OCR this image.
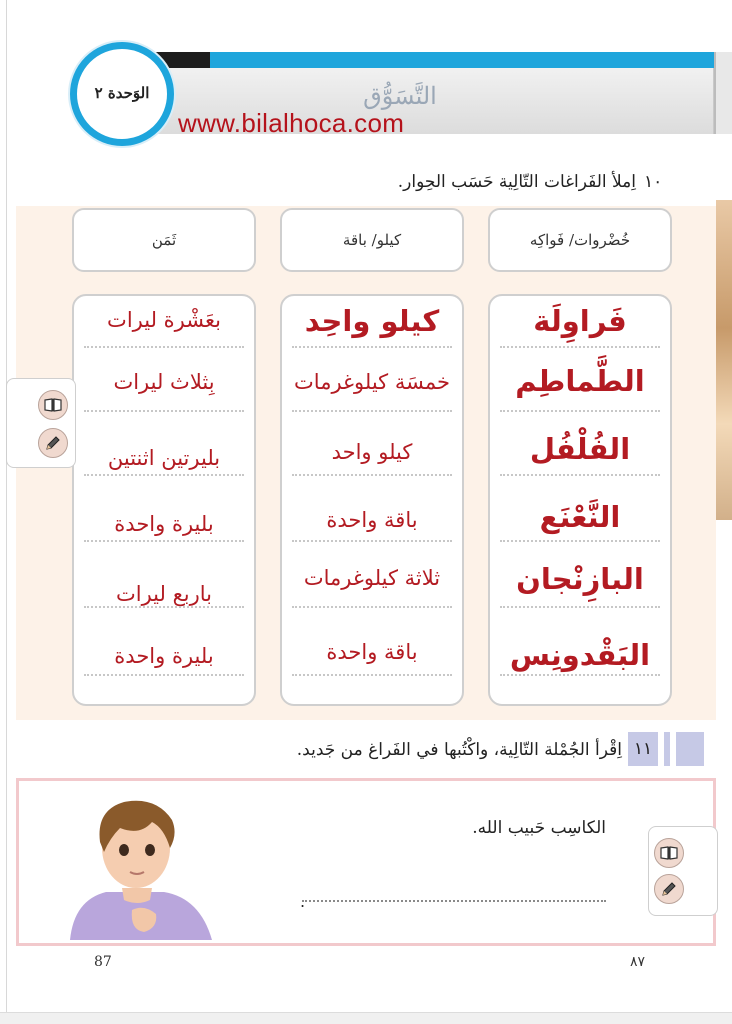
الوَحدة ٢	التَّسَوُّق
www.bilalhoca.com
١٠
اِملأ الفَراغات التّالِية حَسَب الحِوار.
خُضْروات/ فَواكِه
كيلو/ باقة
ثَمَن
فَراوِلَة
الطَّماطِم
الفُلْفُل
النَّعْنَع
البازِنْجان
البَقْدونِس
كيلو واحِد
خمسَة كيلوغرمات
كيلو واحد
باقة واحدة
ثلاثة كيلوغرمات
باقة واحدة
بعَشْرة ليرات
بِثلاث ليرات
بليرتين اثنتين
بليرة واحدة
باربع ليرات
بليرة واحدة
١١
اِقْرأ الجُمْلة التّالِية، واكْتُبها في الفَراغ من جَديد.
الكاسِب حَبيب الله.
.
87	٨٧
